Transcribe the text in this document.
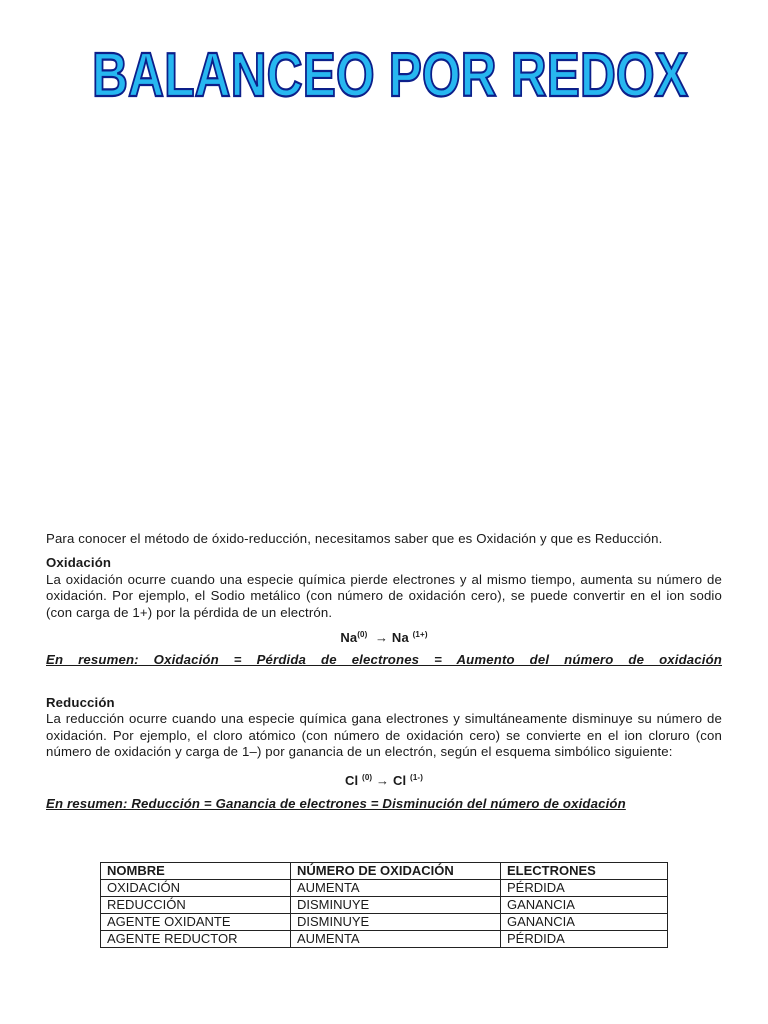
BALANCEO POR REDOX

Para conocer el método de óxido-reducción, necesitamos saber que es Oxidación y que es Reducción.

Oxidación

La oxidación ocurre cuando una especie química pierde electrones y al mismo tiempo, aumenta su número de oxidación. Por ejemplo, el Sodio metálico (con número de oxidación cero), se puede convertir en el ion sodio (con carga de 1+) por la pérdida de un electrón.

$Na^{(0)} \to Na$ $^{(1+)}$

En resumen: Oxidación = Pérdida de electrones = Aumento del número de oxidación

Reducción

La reducción ocurre cuando una especie química gana electrones y simultáneamente disminuye su número de oxidación. Por ejemplo, el cloro atómico (con número de oxidación cero) se convierte en el ion cloruro (con número de oxidación y carga de 1–) por ganancia de un electrón, según el esquema simbólico siguiente:

Cl $^{(0)}$ → Cl $^{(1-)}$

En resumen: Reducción = Ganancia de electrones = Disminución del número de oxidación

NOMBRE	NÚMERO DE OXIDACIÓN	ELECTRONES
OXIDACIÓN	AUMENTA	PÉRDIDA
REDUCCIÓN	DISMINUYE	GANANCIA
AGENTE OXIDANTE	DISMINUYE	GANANCIA
AGENTE REDUCTOR	AUMENTA	PÉRDIDA
